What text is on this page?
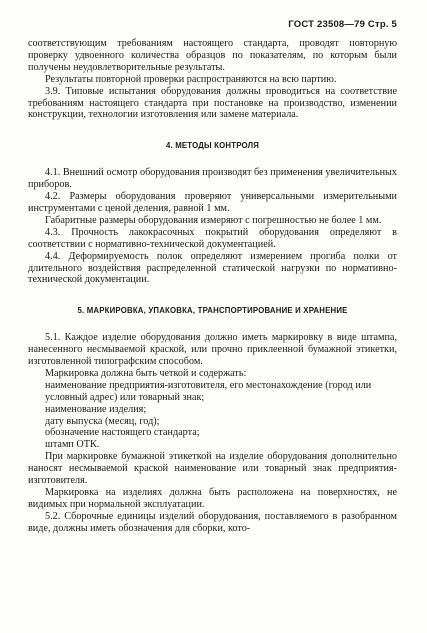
ГОСТ 23508—79 Стр. 5

соответствующим требованиям настоящего стандарта, проводят повторную проверку удвоенного количества образцов по показателям, по которым были получены неудовлетворительные результаты.

Результаты повторной проверки распространяются на всю партию.

3.9. Типовые испытания оборудования должны проводиться на соответствие требованиям настоящего стандарта при постановке на производство, изменении конструкции, технологии изготовления или замене материала.

4. МЕТОДЫ КОНТРОЛЯ

4.1. Внешний осмотр оборудования производят без применения увеличительных приборов.

4.2. Размеры оборудования проверяют универсальными измерительными инструментами с ценой деления, равной 1 мм.

Габаритные размеры оборудования измеряют с погрешностью не более 1 мм.

4.3. Прочность лакокрасочных покрытий оборудования определяют в соответствии с нормативно-технической документацией.

4.4. Деформируемость полок определяют измерением прогиба полки от длительного воздействия распределенной статической нагрузки по нормативно-технической документации.

5. МАРКИРОВКА, УПАКОВКА, ТРАНСПОРТИРОВАНИЕ И ХРАНЕНИЕ

5.1. Каждое изделие оборудования должно иметь маркировку в виде штампа, нанесенного несмываемой краской, или прочно приклеенной бумажной этикетки, изготовленной типографским способом.

Маркировка должна быть четкой и содержать:

наименование предприятия-изготовителя, его местонахождение (город или условный адрес) или товарный знак;

наименование изделия;

дату выпуска (месяц, год);

обозначение настоящего стандарта;

штамп ОТК.

При маркировке бумажной этикеткой на изделие оборудования дополнительно наносят несмываемой краской наименование или товарный знак предприятия-изготовителя.

Маркировка на изделиях должна быть расположена на поверхностях, не видимых при нормальной эксплуатации.

5.2. Сборочные единицы изделий оборудования, поставляемого в разобранном виде, должны иметь обозначения для сборки, кото-
